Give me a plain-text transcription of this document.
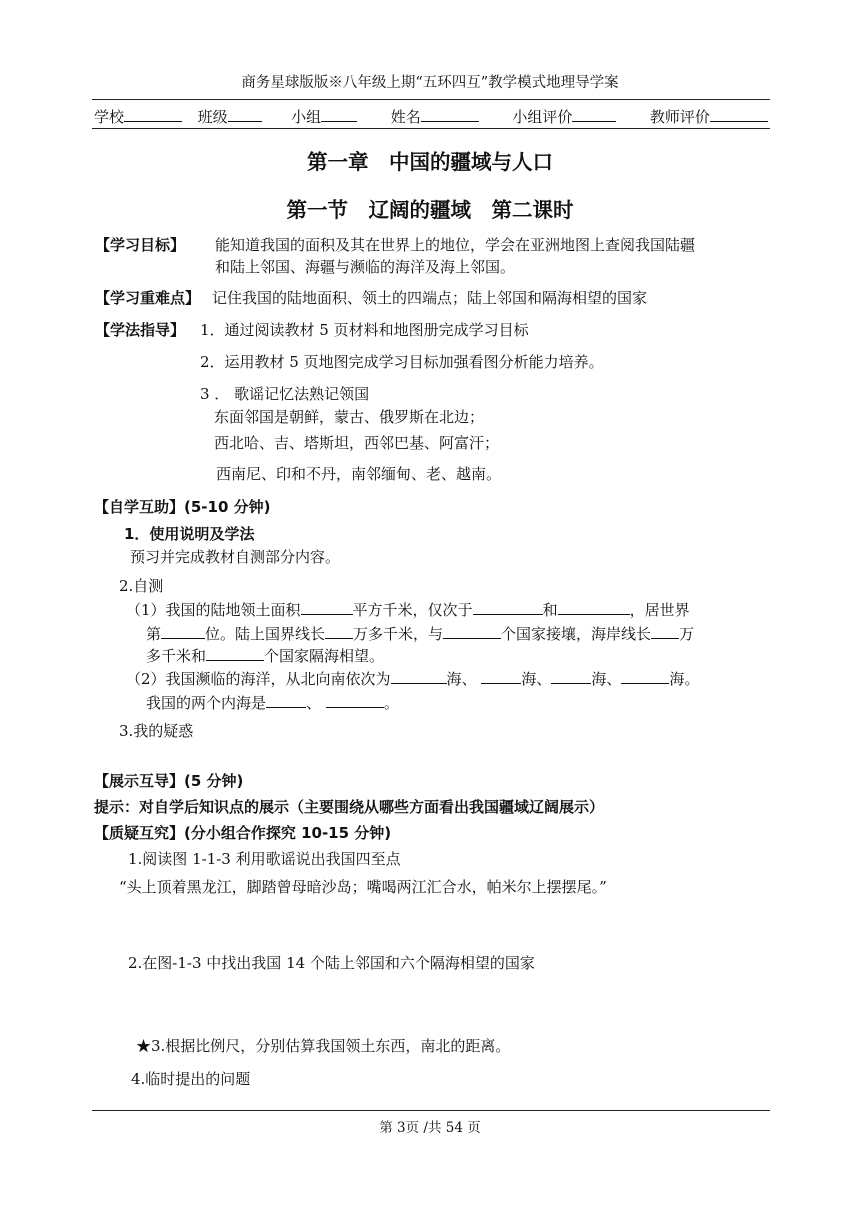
商务星球版版※八年级上期“五环四互”教学模式地理导学案
学校	班级	小组	姓名	小组评价	教师评价
第一章　中国的疆域与人口
第一节　辽阔的疆域　第二课时
【学习目标】 能知道我国的面积及其在世界上的地位，学会在亚洲地图上查阅我国陆疆
和陆上邻国、海疆与濒临的海洋及海上邻国。
【学习重难点】 记住我国的陆地面积、领土的四端点；陆上邻国和隔海相望的国家
【学法指导】 1．通过阅读教材 5 页材料和地图册完成学习目标
2．运用教材 5 页地图完成学习目标加强看图分析能力培养。
3 ． 歌谣记忆法熟记领国
东面邻国是朝鲜，蒙古、俄罗斯在北边；
西北哈、吉、塔斯坦，西邻巴基、阿富汗；
西南尼、印和不丹，南邻缅甸、老、越南。
【自学互助】(5-10 分钟)
1．使用说明及学法
预习并完成教材自测部分内容。
2.自测
（1）我国的陆地领土面积	平方千米，仅次于	和	，居世界
第	位。陆上国界线长 万多千米，与	个国家接壤，海岸线长 万
多千米和	个国家隔海相望。
（2）我国濒临的海洋，从北向南依次为	海、	海、	海、	海。
我国的两个内海是	、	。
3.我的疑惑
【展示互导】(5 分钟)
提示：对自学后知识点的展示（主要围绕从哪些方面看出我国疆域辽阔展示）
【质疑互究】(分小组合作探究 10-15 分钟)
1.阅读图 1-1-3 利用歌谣说出我国四至点
“头上顶着黑龙江，脚踏曾母暗沙岛；嘴喝两江汇合水，帕米尔上摆摆尾。”
2.在图-1-3 中找出我国 14 个陆上邻国和六个隔海相望的国家
★3.根据比例尺，分别估算我国领土东西，南北的距离。
4.临时提出的问题
第 3页 /共 54 页
